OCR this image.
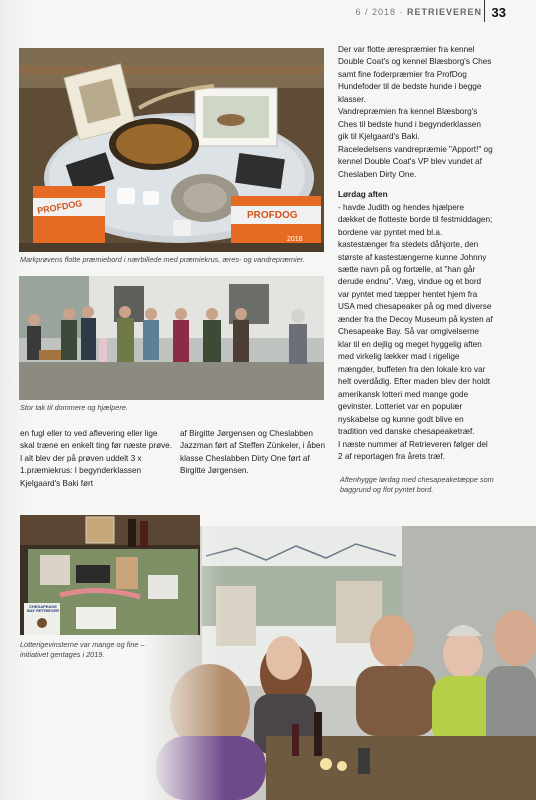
6 / 2018 · RETRIEVEREN 33
PROFDOG	PROFDOG
2018
Markprøvens flotte præmiebord i nærbillede med præmiekrus, æres- og vandrepræmier.
Stor tak til dommere og hjælpere.

Der var flotte ærespræmier fra kennel Double Coat's og kennel Blæsborg's Ches samt fine foderpræmier fra ProfDog Hundefoder til de bedste hunde i begge klasser.

Vandrepræmien fra kennel Blæsborg's Ches til bedste hund i begynderklassen gik til Kjelgaard's Baki.

Raceledelsens vandrepræmie "Apport!" og kennel Double Coat's VP blev vundet af Cheslaben Dirty One.

Lørdag aften

- havde Judith og hendes hjælpere dækket de flotteste borde til festmiddagen; bordene var pyntet med bl.a. kastestænger fra stedets dåhjorte, den største af kastestængerne kunne Johnny sætte navn på og fortælle, at "han går derude endnu". Væg, vindue og et bord var pyntet med tæpper hentet hjem fra USA med chesapeaker på og med diverse ænder fra the Decoy Museum på kysten af Chesapeake Bay. Så var omgivelserne klar til en dejlig og meget hyggelig aften med virkelig lækker mad i rigelige mængder, buffeten fra den lokale kro var helt overdådig. Efter maden blev der holdt amerikansk lotteri med mange gode gevinster. Lotteriet var en populær nyskabelse og kunne godt blive en tradition ved danske chesapeaketræf.

I næste nummer af Retrieveren følger del 2 af reportagen fra årets træf.

en fugl eller to ved aflevering eller lige skal træne en enkelt ting før næste prøve. I alt blev der på prøven uddelt 3 x 1.præmiekrus: I begynderklassen Kjelgaard's Baki ført
af Birgitte Jørgensen og Cheslabben Jazzman ført af Steffen Zünkeler, i åben klasse Cheslabben Dirty One ført af Birgitte Jørgensen.
Aftenhygge lørdag med chesapeaketæppe som baggrund og flot pyntet bord.
CHESAPEAKE BAY RETRIEVER
Lotterigevinsterne var mange og fine – initiativet gentages i 2019.
